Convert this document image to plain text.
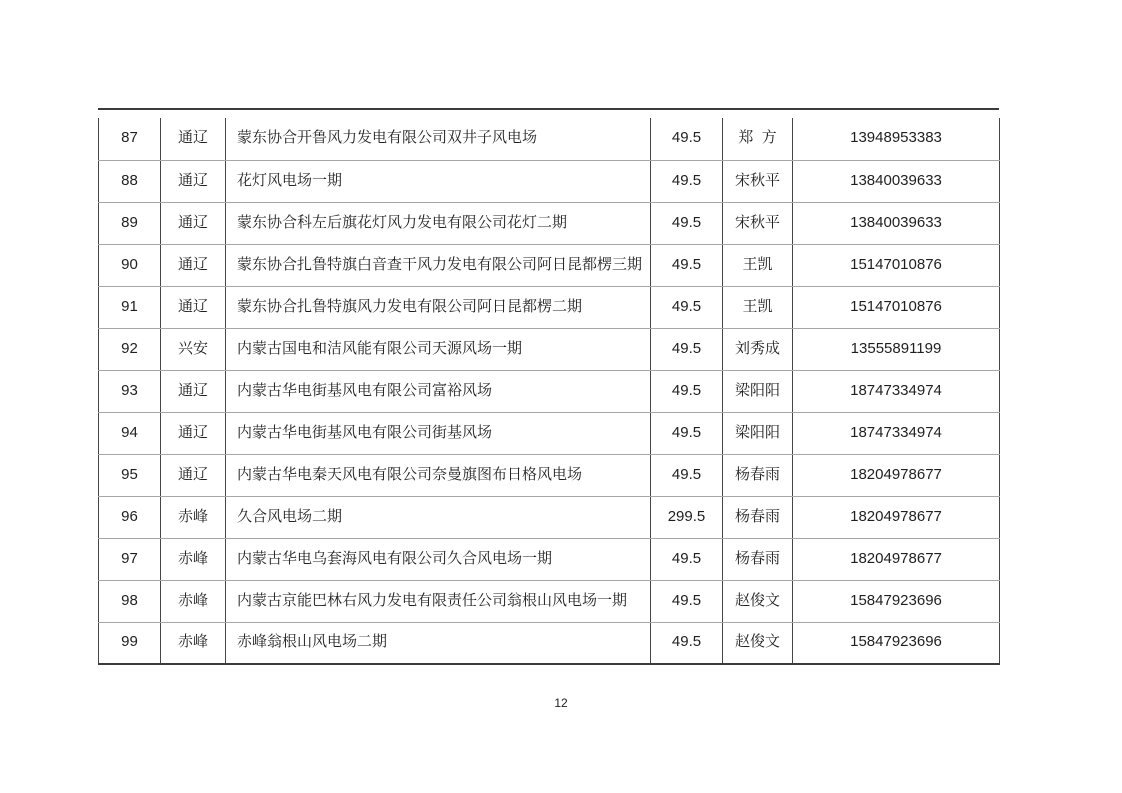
87	通辽	蒙东协合开鲁风力发电有限公司双井子风电场	49.5	郑  方	13948953383
88	通辽	花灯风电场一期	49.5	宋秋平	13840039633
89	通辽	蒙东协合科左后旗花灯风力发电有限公司花灯二期	49.5	宋秋平	13840039633
90	通辽	蒙东协合扎鲁特旗白音查干风力发电有限公司阿日昆都楞三期	49.5	王凯	15147010876
91	通辽	蒙东协合扎鲁特旗风力发电有限公司阿日昆都楞二期	49.5	王凯	15147010876
92	兴安	内蒙古国电和洁风能有限公司天源风场一期	49.5	刘秀成	13555891199
93	通辽	内蒙古华电街基风电有限公司富裕风场	49.5	梁阳阳	18747334974
94	通辽	内蒙古华电街基风电有限公司街基风场	49.5	梁阳阳	18747334974
95	通辽	内蒙古华电秦天风电有限公司奈曼旗图布日格风电场	49.5	杨春雨	18204978677
96	赤峰	久合风电场二期	299.5	杨春雨	18204978677
97	赤峰	内蒙古华电乌套海风电有限公司久合风电场一期	49.5	杨春雨	18204978677
98	赤峰	内蒙古京能巴林右风力发电有限责任公司翁根山风电场一期	49.5	赵俊文	15847923696
99	赤峰	赤峰翁根山风电场二期	49.5	赵俊文	15847923696
12
